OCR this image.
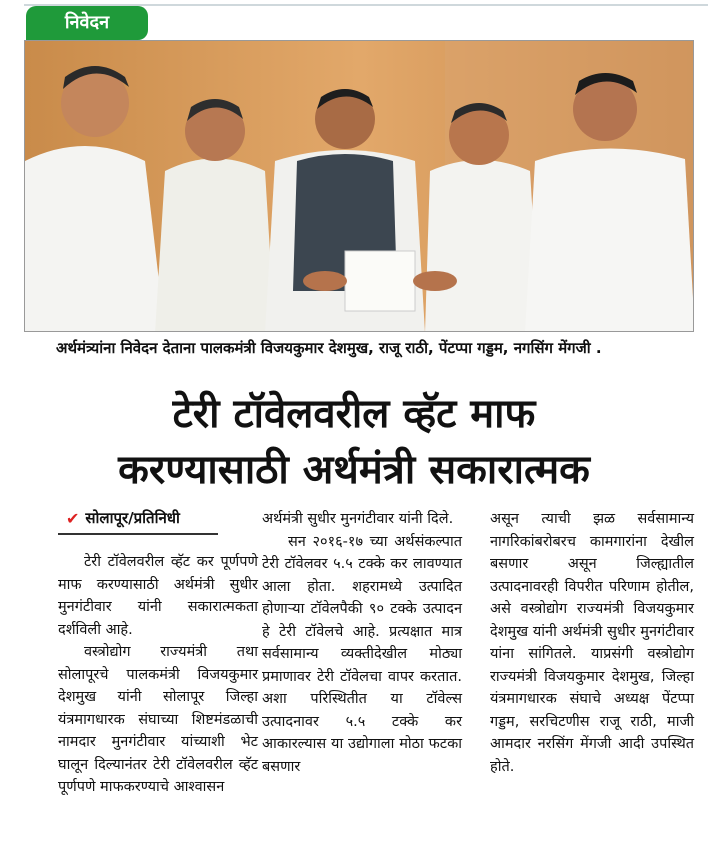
निवेदन
अर्थमंत्र्यांना निवेदन देताना पालकमंत्री विजयकुमार देशमुख, राजू राठी, पेंटप्पा गड्डम, नगसिंग मेंगजी .
टेरी टॉवेलवरील व्हॅट माफ
करण्यासाठी अर्थमंत्री सकारात्मक
✔ सोलापूर/प्रतिनिधी

टेरी टॉवेलवरील व्हॅट कर पूर्णपणे माफ करण्यासाठी अर्थमंत्री सुधीर मुनगंटीवार यांनी सकारात्मकता दर्शविली आहे.

वस्त्रोद्योग राज्यमंत्री तथा सोलापूरचे पालकमंत्री विजयकुमार देशमुख यांनी सोलापूर जिल्हा यंत्रमागधारक संघाच्या शिष्टमंडळाची नामदार मुनगंटीवार यांच्याशी भेट घालून दिल्यानंतर टेरी टॉवेलवरील व्हॅट पूर्णपणे माफकरण्याचे आश्वासन

अर्थमंत्री सुधीर मुनगंटीवार यांनी दिले.

सन २०१६-१७ च्या अर्थसंकल्पात टेरी टॉवेलवर ५.५ टक्के कर लावण्यात आला होता. शहरामध्ये उत्पादित होणाऱ्या टॉवेलपैकी ९० टक्के उत्पादन हे टेरी टॉवेलचे आहे. प्रत्यक्षात मात्र सर्वसामान्य व्यक्तीदेखील मोठ्या प्रमाणावर टेरी टॉवेलचा वापर करतात. अशा परिस्थितीत या टॉवेल्स उत्पादनावर ५.५ टक्के कर आकारल्यास या उद्योगाला मोठा फटका बसणार

असून त्याची झळ सर्वसामान्य नागरिकांबरोबरच कामगारांना देखील बसणार असून जिल्ह्यातील उत्पादनावरही विपरीत परिणाम होतील, असे वस्त्रोद्योग राज्यमंत्री विजयकुमार देशमुख यांनी अर्थमंत्री सुधीर मुनगंटीवार यांना सांगितले. याप्रसंगी वस्त्रोद्योग राज्यमंत्री विजयकुमार देशमुख, जिल्हा यंत्रमागधारक संघाचे अध्यक्ष पेंटप्पा गड्डम, सरचिटणीस राजू राठी, माजी आमदार नरसिंग मेंगजी आदी उपस्थित होते.
